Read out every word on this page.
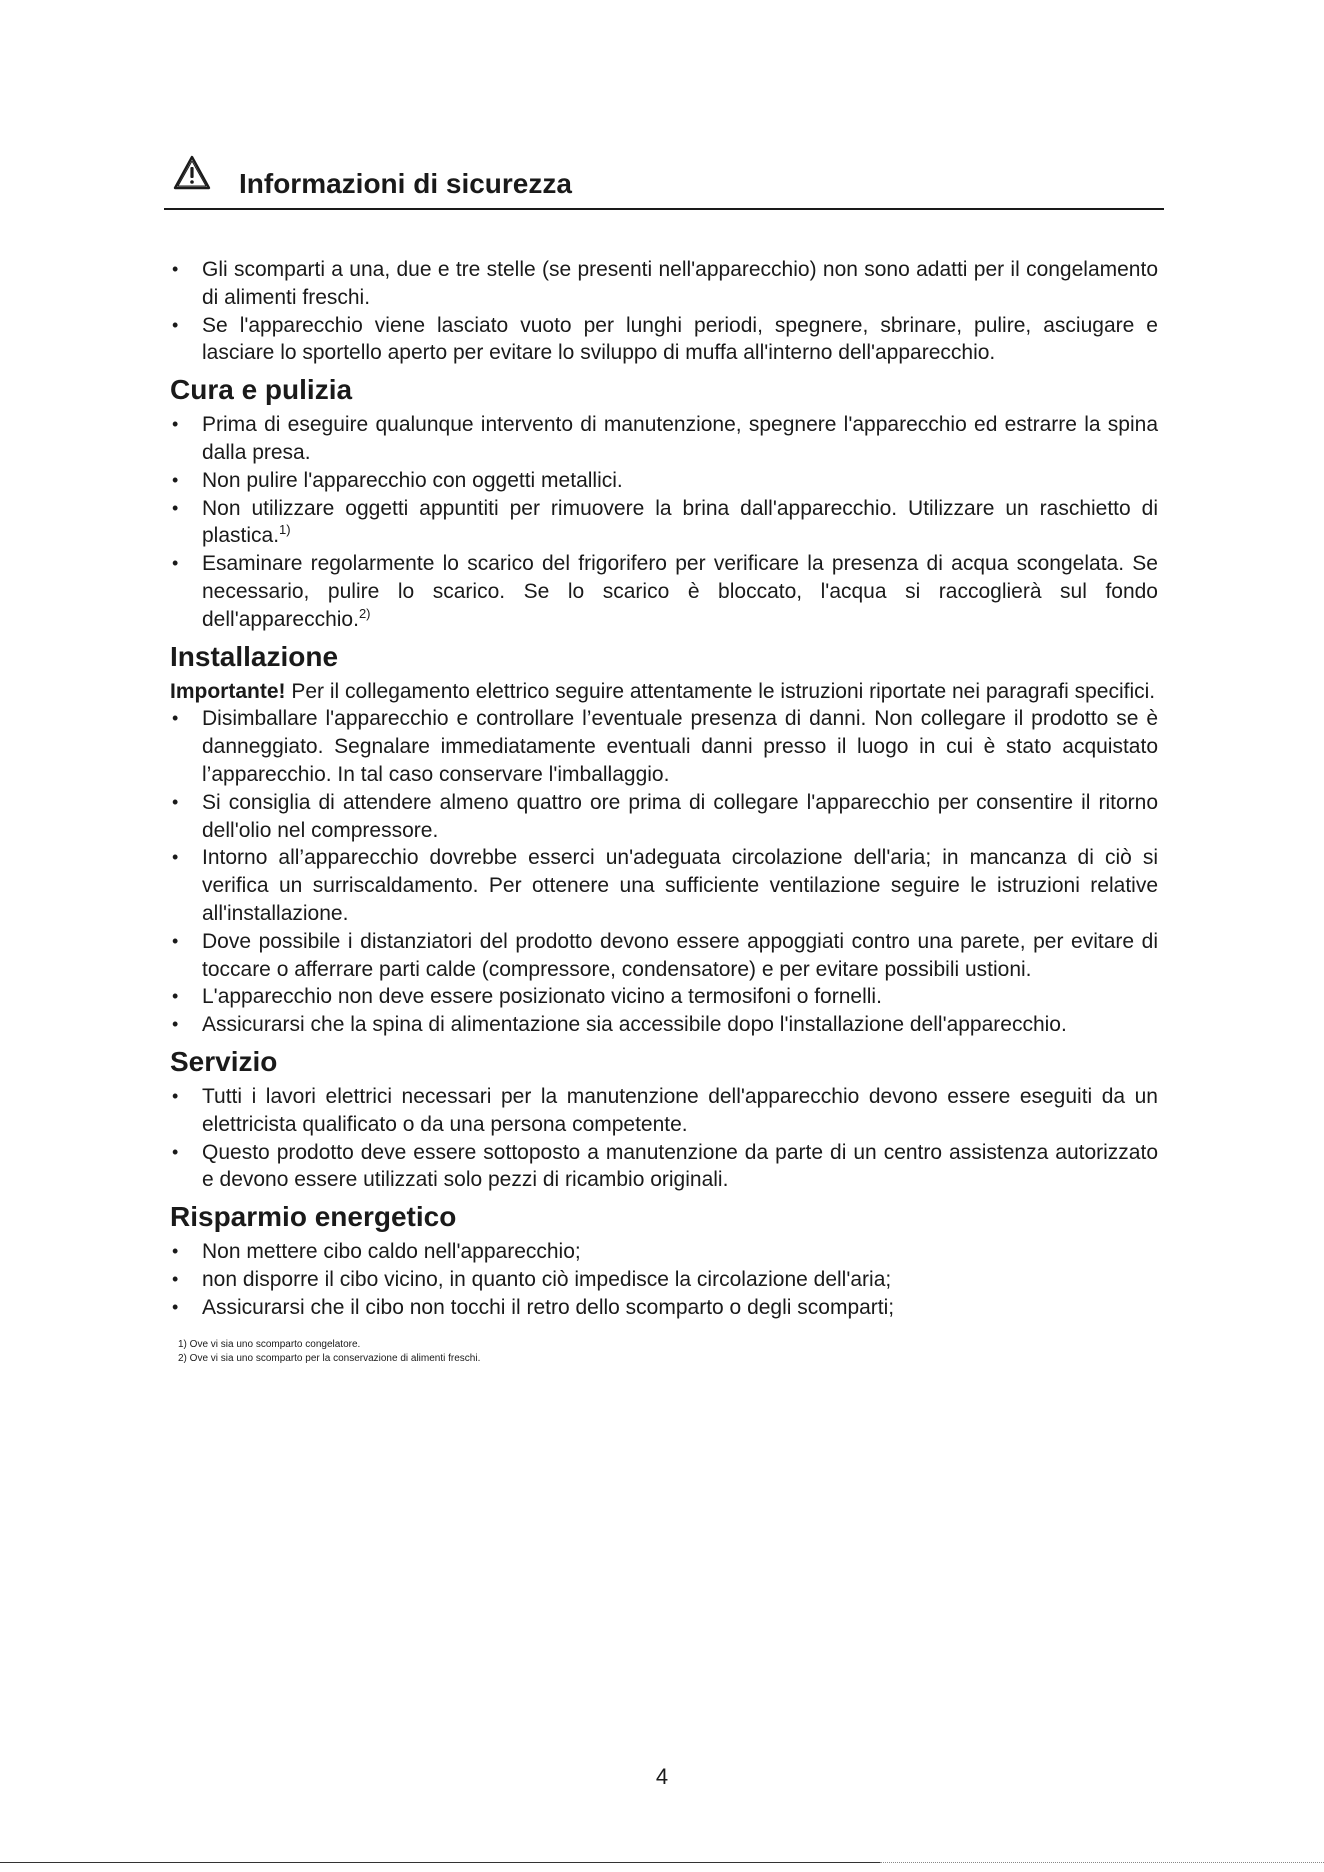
Informazioni di sicurezza
• Gli scomparti a una, due e tre stelle (se presenti nell'apparecchio) non sono adatti per il congelamento di alimenti freschi.
• Se l'apparecchio viene lasciato vuoto per lunghi periodi, spegnere, sbrinare, pulire, asciugare e lasciare lo sportello aperto per evitare lo sviluppo di muffa all'interno dell'apparecchio.
Cura e pulizia
• Prima di eseguire qualunque intervento di manutenzione, spegnere l'apparecchio ed estrarre la spina dalla presa.
• Non pulire l'apparecchio con oggetti metallici.
• Non utilizzare oggetti appuntiti per rimuovere la brina dall'apparecchio. Utilizzare un raschietto di plastica.$^{1)}$
• Esaminare regolarmente lo scarico del frigorifero per verificare la presenza di acqua scongelata. Se necessario, pulire lo scarico. Se lo scarico è bloccato, l'acqua si raccoglierà sul fondo dell'apparecchio.$^{2)}$
Installazione

Importante! Per il collegamento elettrico seguire attentamente le istruzioni riportate nei paragrafi specifici.

• Disimballare l'apparecchio e controllare l’eventuale presenza di danni. Non collegare il prodotto se è danneggiato. Segnalare immediatamente eventuali danni presso il luogo in cui è stato acquistato l’apparecchio. In tal caso conservare l'imballaggio.
• Si consiglia di attendere almeno quattro ore prima di collegare l'apparecchio per consentire il ritorno dell'olio nel compressore.
• Intorno all’apparecchio dovrebbe esserci un'adeguata circolazione dell'aria; in mancanza di ciò si verifica un surriscaldamento. Per ottenere una sufficiente ventilazione seguire le istruzioni relative all'installazione.
• Dove possibile i distanziatori del prodotto devono essere appoggiati contro una parete, per evitare di toccare o afferrare parti calde (compressore, condensatore) e per evitare possibili ustioni.
• L'apparecchio non deve essere posizionato vicino a termosifoni o fornelli.
• Assicurarsi che la spina di alimentazione sia accessibile dopo l'installazione dell'apparecchio.
Servizio
• Tutti i lavori elettrici necessari per la manutenzione dell'apparecchio devono essere eseguiti da un elettricista qualificato o da una persona competente.
• Questo prodotto deve essere sottoposto a manutenzione da parte di un centro assistenza autorizzato e devono essere utilizzati solo pezzi di ricambio originali.
Risparmio energetico
• Non mettere cibo caldo nell'apparecchio;
• non disporre il cibo vicino, in quanto ciò impedisce la circolazione dell'aria;
• Assicurarsi che il cibo non tocchi il retro dello scomparto o degli scomparti;
1) Ove vi sia uno scomparto congelatore.
2) Ove vi sia uno scomparto per la conservazione di alimenti freschi.
4
